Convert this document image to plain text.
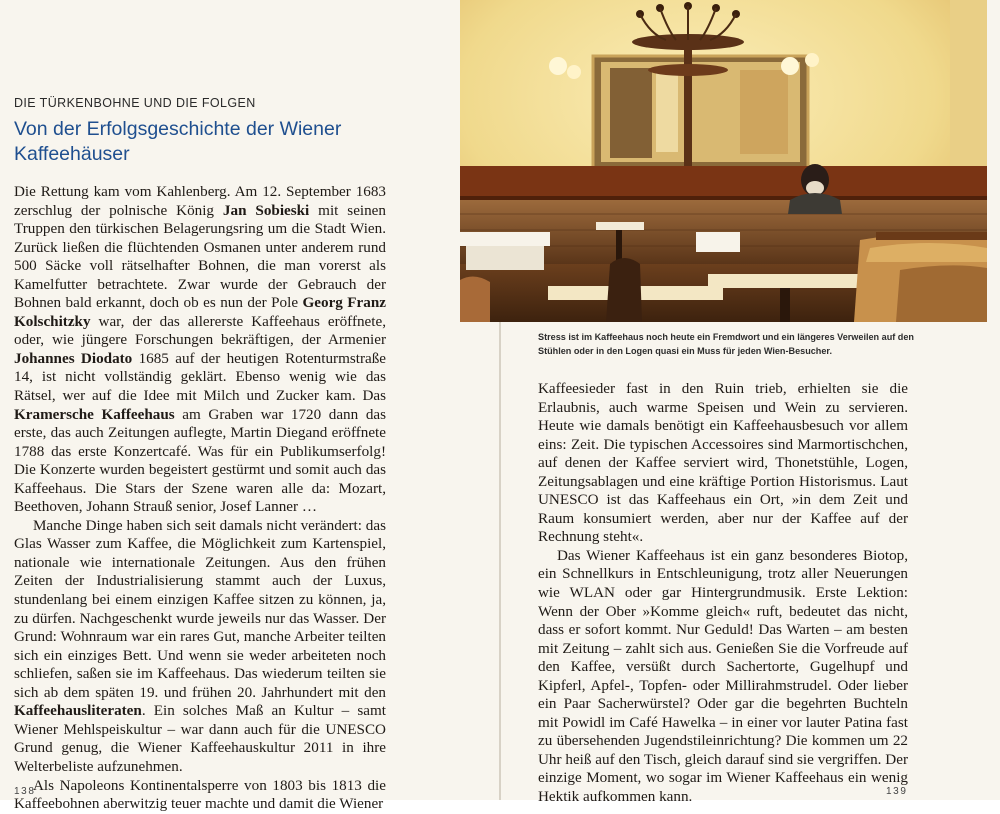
DIE TÜRKENBOHNE UND DIE FOLGEN
Von der Erfolgsgeschichte der Wiener Kaffeehäuser

Die Rettung kam vom Kahlenberg. Am 12. September 1683 zerschlug der polnische König Jan Sobieski mit seinen Truppen den türkischen Belagerungsring um die Stadt Wien. Zurück ließen die flüchtenden Osmanen unter anderem rund 500 Säcke voll rätselhafter Bohnen, die man vorerst als Kamelfutter betrachtete. Zwar wurde der Gebrauch der Bohnen bald erkannt, doch ob es nun der Pole Georg Franz Kolschitzky war, der das allererste Kaffeehaus eröffnete, oder, wie jüngere Forschungen bekräftigen, der Armenier Johannes Diodato 1685 auf der heutigen Rotenturmstraße 14, ist nicht vollständig geklärt. Ebenso wenig wie das Rätsel, wer auf die Idee mit Milch und Zucker kam. Das Kramersche Kaffeehaus am Graben war 1720 dann das erste, das auch Zeitungen auflegte, Martin Diegand eröffnete 1788 das erste Konzertcafé. Was für ein Publikumserfolg! Die Konzerte wurden begeistert gestürmt und somit auch das Kaffeehaus. Die Stars der Szene waren alle da: Mozart, Beethoven, Johann Strauß senior, Josef Lanner …

Manche Dinge haben sich seit damals nicht verändert: das Glas Wasser zum Kaffee, die Möglichkeit zum Kartenspiel, nationale wie internationale Zeitungen. Aus den frühen Zeiten der Industrialisierung stammt auch der Luxus, stundenlang bei einem einzigen Kaffee sitzen zu können, ja, zu dürfen. Nachgeschenkt wurde jeweils nur das Wasser. Der Grund: Wohnraum war ein rares Gut, manche Arbeiter teilten sich ein einziges Bett. Und wenn sie weder arbeiteten noch schliefen, saßen sie im Kaffeehaus. Das wiederum teilten sie sich ab dem späten 19. und frühen 20. Jahrhundert mit den Kaffeehausliteraten. Ein solches Maß an Kultur – samt Wiener Mehlspeiskultur – war dann auch für die UNESCO Grund genug, die Wiener Kaffeehauskultur 2011 in ihre Welterbeliste aufzunehmen.

Als Napoleons Kontinentalsperre von 1803 bis 1813 die Kaffeebohnen aberwitzig teuer machte und damit die Wiener

138

Stress ist im Kaffeehaus noch heute ein Fremdwort und ein längeres Verweilen auf den Stühlen oder in den Logen quasi ein Muss für jeden Wien-Besucher.

Kaffeesieder fast in den Ruin trieb, erhielten sie die Erlaubnis, auch warme Speisen und Wein zu servieren. Heute wie damals benötigt ein Kaffeehausbesuch vor allem eins: Zeit. Die typischen Accessoires sind Marmortischchen, auf denen der Kaffee serviert wird, Thonetstühle, Logen, Zeitungsablagen und eine kräftige Portion Historismus. Laut UNESCO ist das Kaffeehaus ein Ort, »in dem Zeit und Raum konsumiert werden, aber nur der Kaffee auf der Rechnung steht«.

Das Wiener Kaffeehaus ist ein ganz besonderes Biotop, ein Schnellkurs in Entschleunigung, trotz aller Neuerungen wie WLAN oder gar Hintergrundmusik. Erste Lektion: Wenn der Ober »Komme gleich« ruft, bedeutet das nicht, dass er sofort kommt. Nur Geduld! Das Warten – am besten mit Zeitung – zahlt sich aus. Genießen Sie die Vorfreude auf den Kaffee, versüßt durch Sachertorte, Gugelhupf und Kipferl, Apfel-, Topfen- oder Millirahmstrudel. Oder lieber ein Paar Sacherwürstel? Oder gar die begehrten Buchteln mit Powidl im Café Hawelka – in einer vor lauter Patina fast zu übersehenden Jugendstileinrichtung? Die kommen um 22 Uhr heiß auf den Tisch, gleich darauf sind sie vergriffen. Der einzige Moment, wo sogar im Wiener Kaffeehaus ein wenig Hektik aufkommen kann.	139
